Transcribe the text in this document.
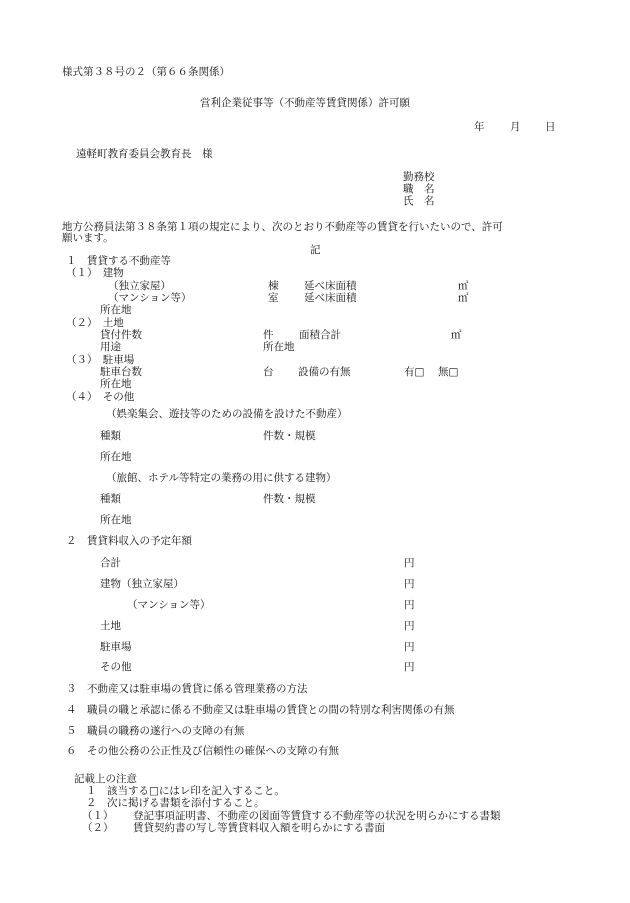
様式第３８号の２（第６６条関係）
営利企業従事等（不動産等賃貸関係）許可願
年 月 日
遠軽町教育委員会教育長　様
勤務校
職　名
氏　名
地方公務員法第３８条第１項の規定により、次のとおり不動産等の賃貸を行いたいので、許可
願います。
記
１　賃貸する不動産等
（１）　建物
（独立家屋）	棟 延べ床面積	㎡
（マンション等）	室 延べ床面積	㎡
所在地
（２）　土地
貸付件数	件 面積合計	㎡
用途	所在地
（３）　駐車場
駐車台数	台 設備の有無	有□ 無□
所在地
（４）　その他
（娯楽集会、遊技等のための設備を設けた不動産）
種類	件数・規模
所在地
（旅館、ホテル等特定の業務の用に供する建物）
種類	件数・規模
所在地
２　賃貸料収入の予定年額
合計	円
建物（独立家屋）	円
（マンション等）	円
土地	円
駐車場	円
その他	円
３　不動産又は駐車場の賃貸に係る管理業務の方法
４　職員の職と承認に係る不動産又は駐車場の賃貸との間の特別な利害関係の有無
５　職員の職務の遂行への支障の有無
６　その他公務の公正性及び信頼性の確保への支障の有無
記載上の注意
１　該当する□にはレ印を記入すること。
２　次に掲げる書類を添付すること。
（１） 登記事項証明書、不動産の図面等賃貸する不動産等の状況を明らかにする書類
（２） 賃貸契約書の写し等賃貸料収入額を明らかにする書面
